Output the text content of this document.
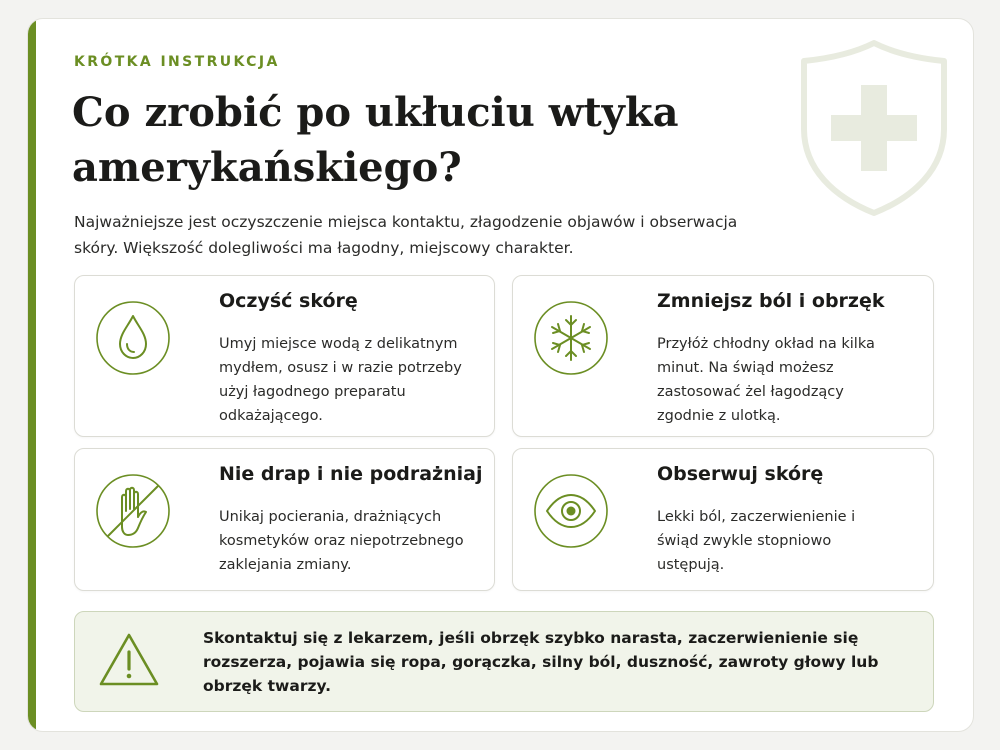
KRÓTKA INSTRUKCJA
Co zrobić po ukłuciu wtyka amerykańskiego?
Najważniejsze jest oczyszczenie miejsca kontaktu, złagodzenie objawów i obserwacja skóry. Większość dolegliwości ma łagodny, miejscowy charakter.
Oczyść skórę

Umyj miejsce wodą z delikatnym mydłem, osusz i w razie potrzeby użyj łagodnego preparatu odkażającego.

Zmniejsz ból i obrzęk

Przyłóż chłodny okład na kilka minut. Na świąd możesz zastosować żel łagodzący zgodnie z ulotką.

Nie drap i nie podrażniaj

Unikaj pocierania, drażniących kosmetyków oraz niepotrzebnego zaklejania zmiany.

Obserwuj skórę

Lekki ból, zaczerwienienie i świąd zwykle stopniowo ustępują.

Skontaktuj się z lekarzem, jeśli obrzęk szybko narasta, zaczerwienienie się rozszerza, pojawia się ropa, gorączka, silny ból, duszność, zawroty głowy lub obrzęk twarzy.
